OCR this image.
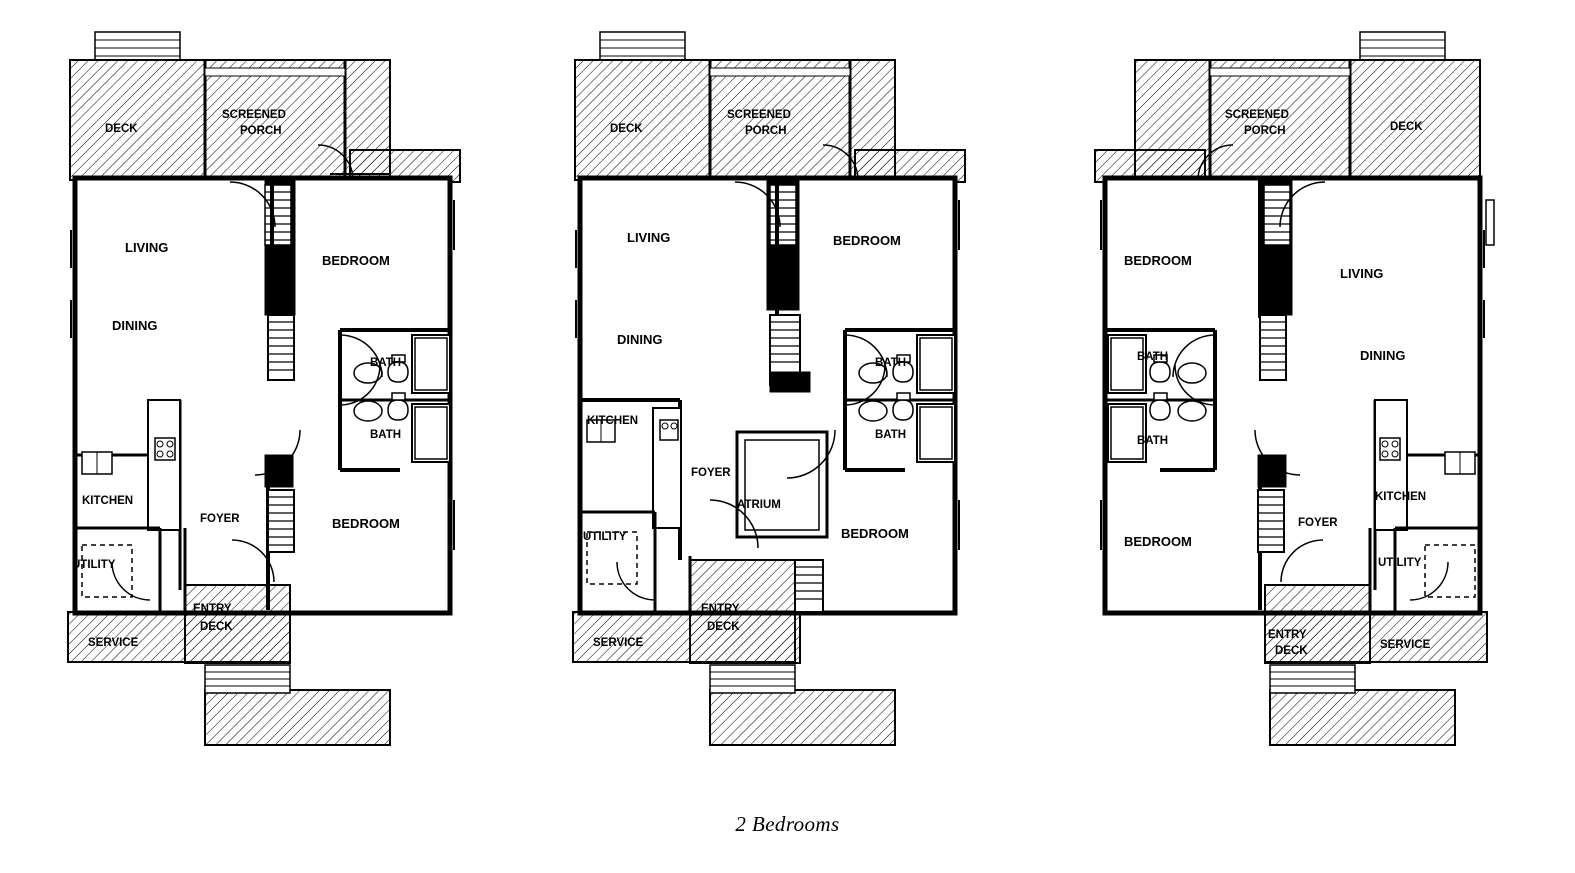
LIVING
DINING
BEDROOM
BEDROOM
BATH
BATH
KITCHEN
FOYER
UTILITY
ENTRY
DECK
SERVICE
DECK
SCREENED
PORCH
LIVING
DINING
BEDROOM
BEDROOM
BATH
BATH
KITCHEN
FOYER
UTILITY
ATRIUM
ENTRY
DECK
SERVICE
DECK
SCREENED
PORCH
LIVING
DINING
BEDROOM
BEDROOM
BATH
BATH
KITCHEN
FOYER
UTILITY
ENTRY
DECK	SERVICE
DECK
SCREENED
PORCH
2 Bedrooms
